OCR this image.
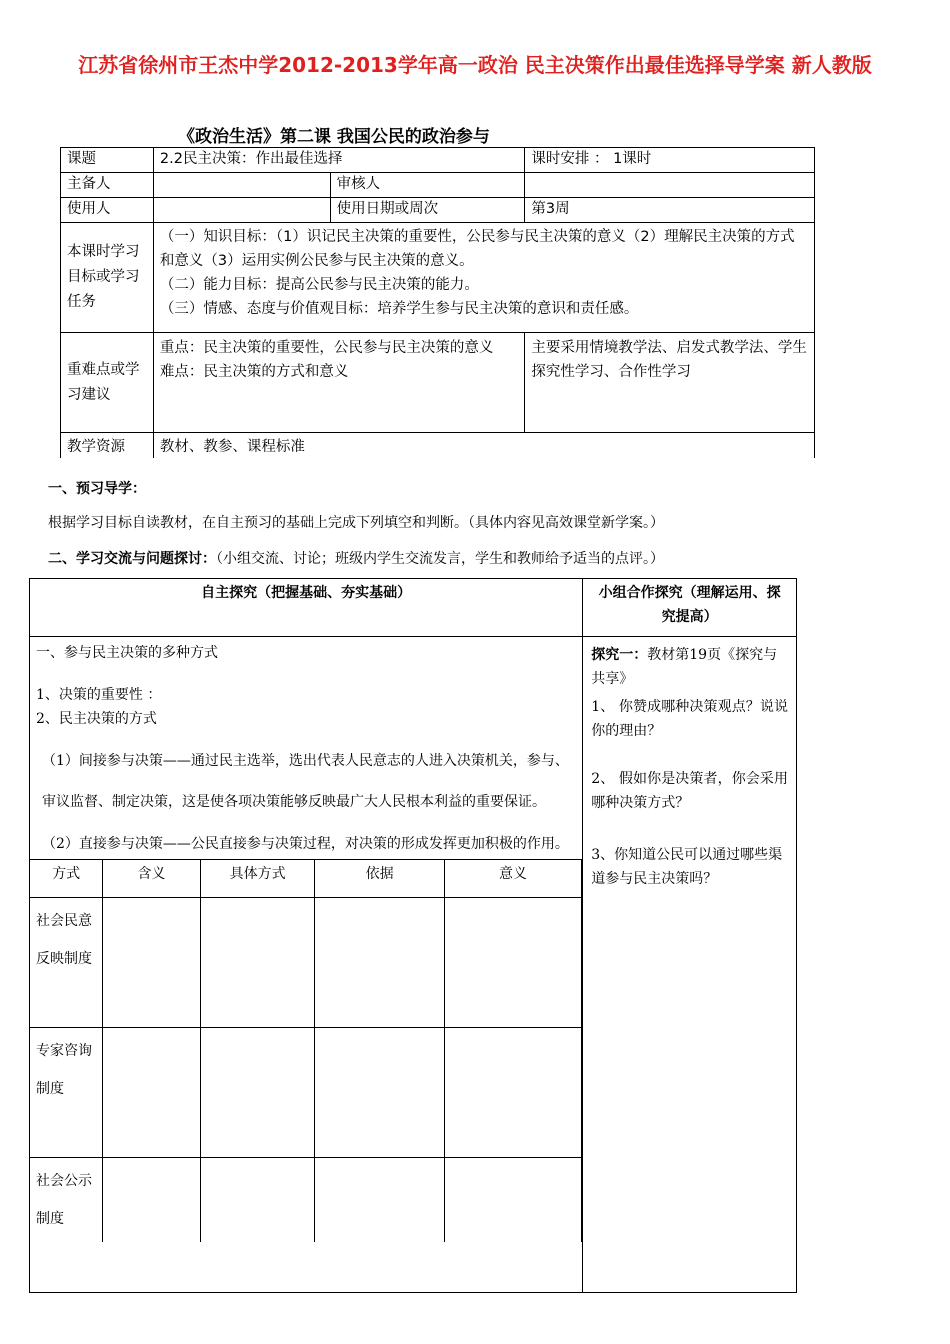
江苏省徐州市王杰中学2012-2013学年高一政治 民主决策作出最佳选择导学案 新人教版
《政治生活》第二课 我国公民的政治参与
课题	2.2民主决策：作出最佳选择		课时安排 ： 1课时
主备人		审核人	
使用人		使用日期或周次	第3周
本课时学习目标或学习任务	（一）知识目标：（1）识记民主决策的重要性，公民参与民主决策的意义（2）理解民主决策的方式和意义（3）运用实例公民参与民主决策的意义。
（二）能力目标：提高公民参与民主决策的能力。
（三）情感、态度与价值观目标：培养学生参与民主决策的意识和责任感。		

重难点或学习建议	重点：民主决策的重要性，公民参与民主决策的意义
难点：民主决策的方式和意义		主要采用情境教学法、启发式教学法、学生探究性学习、合作性学习
教学资源	教材、教参、课程标准		
一、预习导学：
根据学习目标自读教材，在自主预习的基础上完成下列填空和判断。（具体内容见高效课堂新学案。）
二、学习交流与问题探讨：（小组交流、讨论；班级内学生交流发言，学生和教师给予适当的点评。）
自主探究（把握基础、夯实基础）	小组合作探究（理解运用、探究提高）

一、参与民主决策的多种方式

1、决策的重要性 ：

2、民主决策的方式

（1）间接参与决策——通过民主选举，选出代表人民意志的人进入决策机关，参与、审议监督、制定决策，这是使各项决策能够反映最广大人民根本利益的重要保证。
（2）直接参与决策——公民直接参与决策过程，对决策的形成发挥更加积极的作用。
方式	含义	具体方式	依据	意义
社会民意反映制度				
专家咨询制度				
社会公示制度				

探究一：教材第19页《探究与共享》

1、 你赞成哪种决策观点？说说你的理由？

2、 假如你是决策者，你会采用哪种决策方式？

3、你知道公民可以通过哪些渠道参与民主决策吗？
